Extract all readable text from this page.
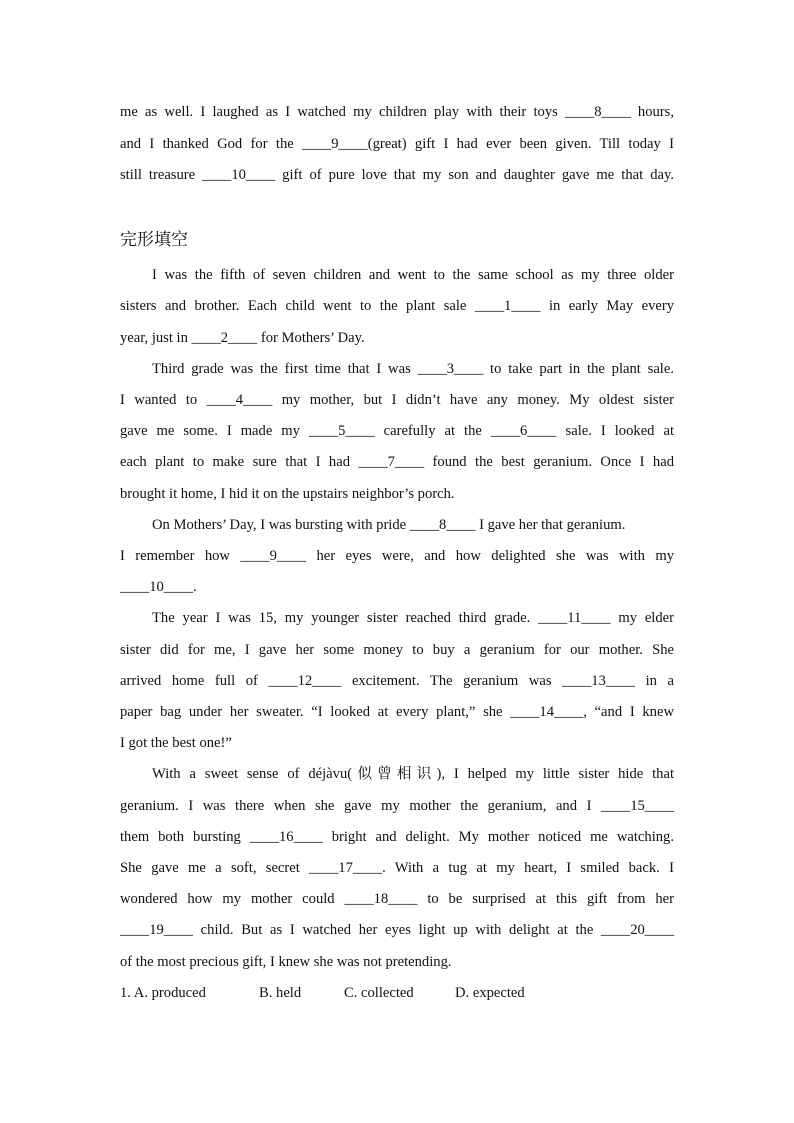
me as well. I laughed as I watched my children play with their toys ____8____ hours,
and I thanked God for the ____9____(great) gift I had ever been given. Till today I
still treasure ____10____ gift of pure love that my son and daughter gave me that day.
完形填空
I was the fifth of seven children and went to the same school as my three older
sisters and brother. Each child went to the plant sale ____1____ in early May every
year, just in ____2____ for Mothers’ Day.
Third grade was the first time that I was ____3____ to take part in the plant sale.
I wanted to ____4____ my mother, but I didn’t have any money. My oldest sister
gave me some. I made my ____5____ carefully at the ____6____ sale. I looked at
each plant to make sure that I had ____7____ found the best geranium. Once I had
brought it home, I hid it on the upstairs neighbor’s porch.
On Mothers’ Day, I was bursting with pride ____8____ I gave her that geranium.
I remember how ____9____ her eyes were, and how delighted she was with my
____10____.
The year I was 15, my younger sister reached third grade. ____11____ my elder
sister did for me, I gave her some money to buy a geranium for our mother. She
arrived home full of ____12____ excitement. The geranium was ____13____ in a
paper bag under her sweater. “I looked at every plant,” she ____14____, “and I knew
I got the best one!”
With a sweet sense of déjàvu(似曾相识), I helped my little sister hide that
geranium. I was there when she gave my mother the geranium, and I ____15____
them both bursting ____16____ bright and delight. My mother noticed me watching.
She gave me a soft, secret ____17____. With a tug at my heart, I smiled back. I
wondered how my mother could ____18____ to be surprised at this gift from her
____19____ child. But as I watched her eyes light up with delight at the ____20____
of the most precious gift, I knew she was not pretending.
1. A. produced	B. held	C. collected	D. expected
